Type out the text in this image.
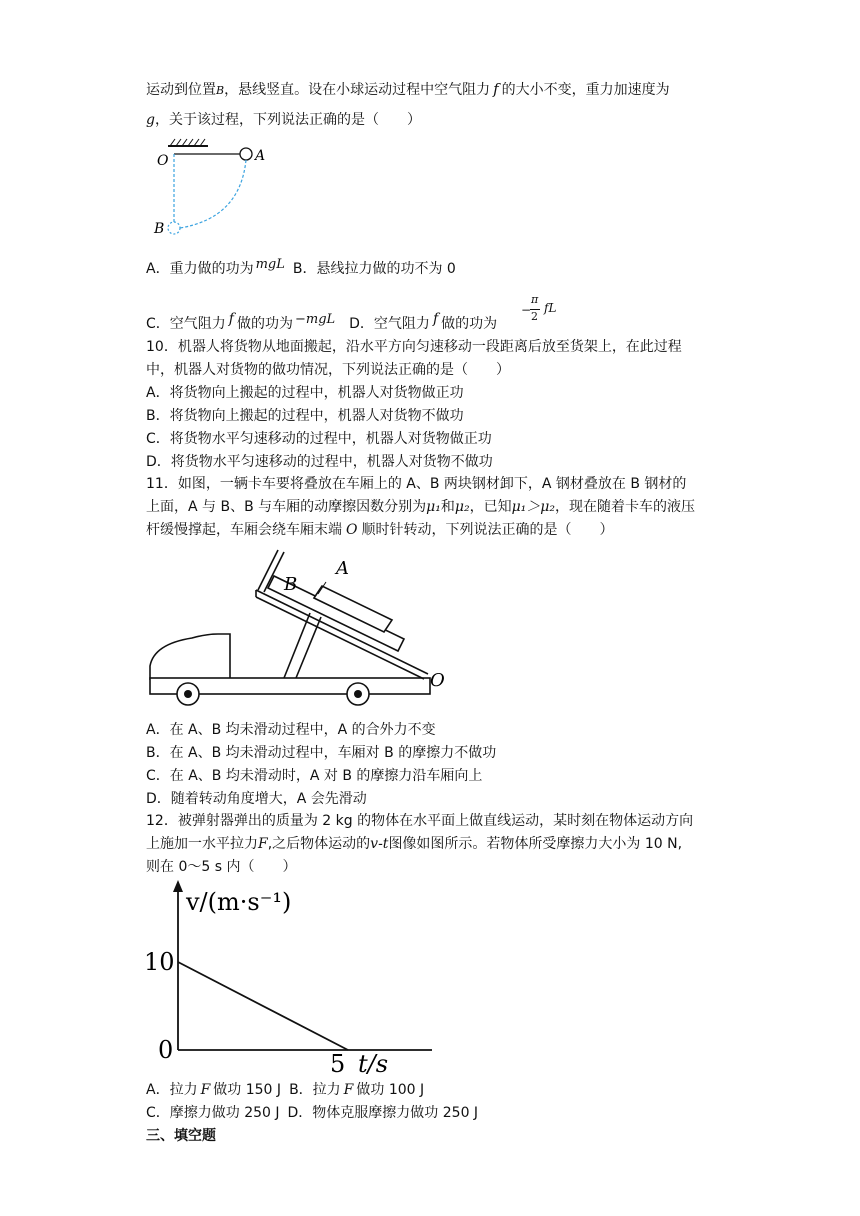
运动到位置B，悬线竖直。设在小球运动过程中空气阻力 f 的大小不变，重力加速度为
g，关于该过程，下列说法正确的是（　　）
O	A
B
A．重力做的功为 mgL B．悬线拉力做的功不为 0
C．空气阻力 f 做的功为 −mgL D．空气阻力 f 做的功为
−
π
2
fL
10．机器人将货物从地面搬起，沿水平方向匀速移动一段距离后放至货架上，在此过程
中，机器人对货物的做功情况，下列说法正确的是（　　）
A．将货物向上搬起的过程中，机器人对货物做正功
B．将货物向上搬起的过程中，机器人对货物不做功
C．将货物水平匀速移动的过程中，机器人对货物做正功
D．将货物水平匀速移动的过程中，机器人对货物不做功
11．如图，一辆卡车要将叠放在车厢上的 A、B 两块钢材卸下，A 钢材叠放在 B 钢材的
上面，A 与 B、B 与车厢的动摩擦因数分别为μ₁和μ₂，已知μ₁＞μ₂，现在随着卡车的液压
杆缓慢撑起，车厢会绕车厢末端 O 顺时针转动，下列说法正确的是（　　）
A
B
O
A．在 A、B 均未滑动过程中，A 的合外力不变
B．在 A、B 均未滑动过程中，车厢对 B 的摩擦力不做功
C．在 A、B 均未滑动时，A 对 B 的摩擦力沿车厢向上
D．随着转动角度增大，A 会先滑动
12．被弹射器弹出的质量为 2 kg 的物体在水平面上做直线运动，某时刻在物体运动方向
上施加一水平拉力F,之后物体运动的v-t图像如图所示。若物体所受摩擦力大小为 10 N,
则在 0～5 s 内（　　）
v/(m·s⁻¹)
t/s
10
0	5
A．拉力 F 做功 150 J B．拉力 F 做功 100 J
C．摩擦力做功 250 J D．物体克服摩擦力做功 250 J
三、填空题
